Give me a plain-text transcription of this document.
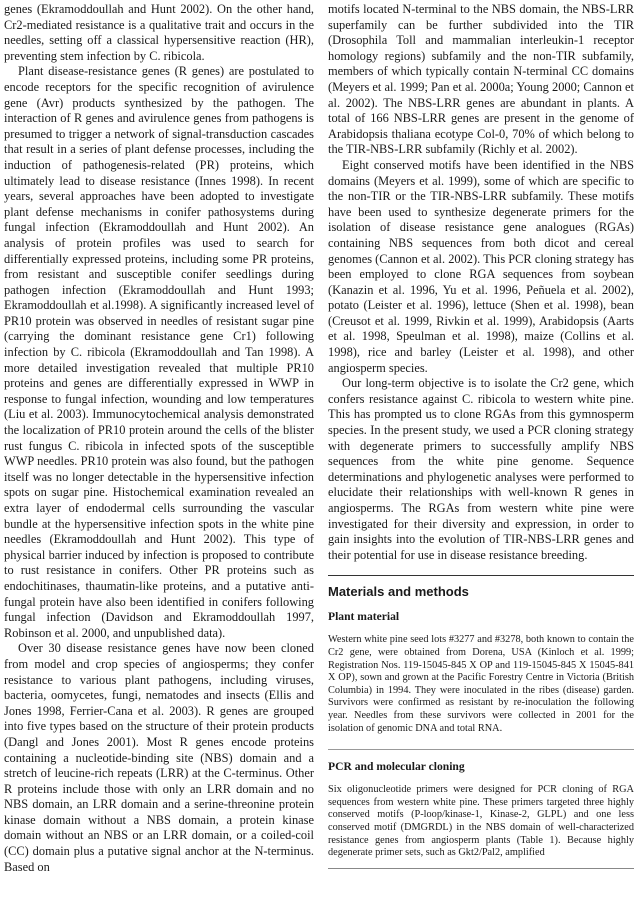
genes (Ekramoddoullah and Hunt 2002). On the other hand, Cr2-mediated resistance is a qualitative trait and occurs in the needles, setting off a classical hypersensitive reaction (HR), preventing stem infection by C. ribicola.

Plant disease-resistance genes (R genes) are postulated to encode receptors for the specific recognition of avirulence gene (Avr) products synthesized by the pathogen. The interaction of R genes and avirulence genes from pathogens is presumed to trigger a network of signal-transduction cascades that result in a series of plant defense processes, including the induction of pathogenesis-related (PR) proteins, which ultimately lead to disease resistance (Innes 1998). In recent years, several approaches have been adopted to investigate plant defense mechanisms in conifer pathosystems during fungal infection (Ekramoddoullah and Hunt 2002). An analysis of protein profiles was used to search for differentially expressed proteins, including some PR proteins, from resistant and susceptible conifer seedlings during pathogen infection (Ekramoddoullah and Hunt 1993; Ekramoddoullah et al.1998). A significantly increased level of PR10 protein was observed in needles of resistant sugar pine (carrying the dominant resistance gene Cr1) following infection by C. ribicola (Ekramoddoullah and Tan 1998). A more detailed investigation revealed that multiple PR10 proteins and genes are differentially expressed in WWP in response to fungal infection, wounding and low temperatures (Liu et al. 2003). Immunocytochemical analysis demonstrated the localization of PR10 protein around the cells of the blister rust fungus C. ribicola in infected spots of the susceptible WWP needles. PR10 protein was also found, but the pathogen itself was no longer detectable in the hypersensitive infection spots on sugar pine. Histochemical examination revealed an extra layer of endodermal cells surrounding the vascular bundle at the hypersensitive infection spots in the white pine needles (Ekramoddoullah and Hunt 2002). This type of physical barrier induced by infection is proposed to contribute to rust resistance in conifers. Other PR proteins such as endochitinases, thaumatin-like proteins, and a putative anti-fungal protein have also been identified in conifers following fungal infection (Davidson and Ekramoddoullah 1997, Robinson et al. 2000, and unpublished data).

Over 30 disease resistance genes have now been cloned from model and crop species of angiosperms; they confer resistance to various plant pathogens, including viruses, bacteria, oomycetes, fungi, nematodes and insects (Ellis and Jones 1998, Ferrier-Cana et al. 2003). R genes are grouped into five types based on the structure of their protein products (Dangl and Jones 2001). Most R genes encode proteins containing a nucleotide-binding site (NBS) domain and a stretch of leucine-rich repeats (LRR) at the C-terminus. Other R proteins include those with only an LRR domain and no NBS domain, an LRR domain and a serine-threonine protein kinase domain without a NBS domain, a protein kinase domain without an NBS or an LRR domain, or a coiled-coil (CC) domain plus a putative signal anchor at the N-terminus. Based on

motifs located N-terminal to the NBS domain, the NBS-LRR superfamily can be further subdivided into the TIR (Drosophila Toll and mammalian interleukin-1 receptor homology regions) subfamily and the non-TIR subfamily, members of which typically contain N-terminal CC domains (Meyers et al. 1999; Pan et al. 2000a; Young 2000; Cannon et al. 2002). The NBS-LRR genes are abundant in plants. A total of 166 NBS-LRR genes are present in the genome of Arabidopsis thaliana ecotype Col-0, 70% of which belong to the TIR-NBS-LRR subfamily (Richly et al. 2002).

Eight conserved motifs have been identified in the NBS domains (Meyers et al. 1999), some of which are specific to the non-TIR or the TIR-NBS-LRR subfamily. These motifs have been used to synthesize degenerate primers for the isolation of disease resistance gene analogues (RGAs) containing NBS sequences from both dicot and cereal genomes (Cannon et al. 2002). This PCR cloning strategy has been employed to clone RGA sequences from soybean (Kanazin et al. 1996, Yu et al. 1996, Peñuela et al. 2002), potato (Leister et al. 1996), lettuce (Shen et al. 1998), bean (Creusot et al. 1999, Rivkin et al. 1999), Arabidopsis (Aarts et al. 1998, Speulman et al. 1998), maize (Collins et al. 1998), rice and barley (Leister et al. 1998), and other angiosperm species.

Our long-term objective is to isolate the Cr2 gene, which confers resistance against C. ribicola to western white pine. This has prompted us to clone RGAs from this gymnosperm species. In the present study, we used a PCR cloning strategy with degenerate primers to successfully amplify NBS sequences from the white pine genome. Sequence determinations and phylogenetic analyses were performed to elucidate their relationships with well-known R genes in angiosperms. The RGAs from western white pine were investigated for their diversity and expression, in order to gain insights into the evolution of TIR-NBS-LRR genes and their potential for use in disease resistance breeding.

Materials and methods
Plant material

Western white pine seed lots #3277 and #3278, both known to contain the Cr2 gene, were obtained from Dorena, USA (Kinloch et al. 1999; Registration Nos. 119-15045-845 X OP and 119-15045-845 X 15045-841 X OP), sown and grown at the Pacific Forestry Centre in Victoria (British Columbia) in 1994. They were inoculated in the ribes (disease) garden. Survivors were confirmed as resistant by re-inoculation the following year. Needles from these survivors were collected in 2001 for the isolation of genomic DNA and total RNA.

PCR and molecular cloning

Six oligonucleotide primers were designed for PCR cloning of RGA sequences from western white pine. These primers targeted three highly conserved motifs (P-loop/kinase-1, Kinase-2, GLPL) and one less conserved motif (DMGRDL) in the NBS domain of well-characterized resistance genes from angiosperm plants (Table 1). Because highly degenerate primer sets, such as Gkt2/Pal2, amplified
